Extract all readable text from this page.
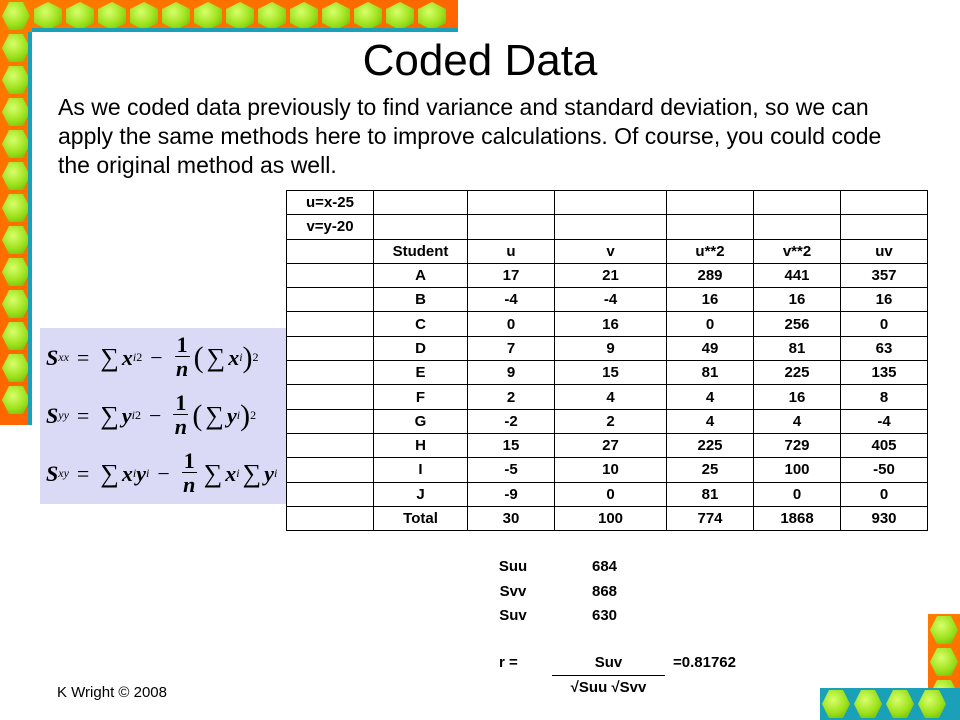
Coded Data
As we coded data previously to find variance and standard deviation, so we can apply the same methods here to improve calculations. Of course, you could code the original method as well.
S xx = ∑ x i $2 - \frac{1}{n}$ ( ∑ x i ) 2
S yy = ∑ y i $2 - \frac{1}{n}$ ( ∑ y i ) 2
S xy = ∑ x i y $i - \frac{1}{n}$ ∑ x i ∑ y i
u=x-25						
v=y-20						
	Student	u	v	u**2	v**2	uv
	A	17	21	289	441	357
	B	-4	-4	16	16	16
	C	0	16	0	256	0
	D	7	9	49	81	63
	E	9	15	81	225	135
	F	2	4	4	16	8
	G	-2	2	4	4	-4
	H	15	27	225	729	405
	I	-5	10	25	100	-50
	J	-9	0	81	0	0
	Total	30	100	774	1868	930
Suu	684
Svv	868
Suv	630
r =	Suv
√Suu √Svv
=0.81762
K Wright © 2008
